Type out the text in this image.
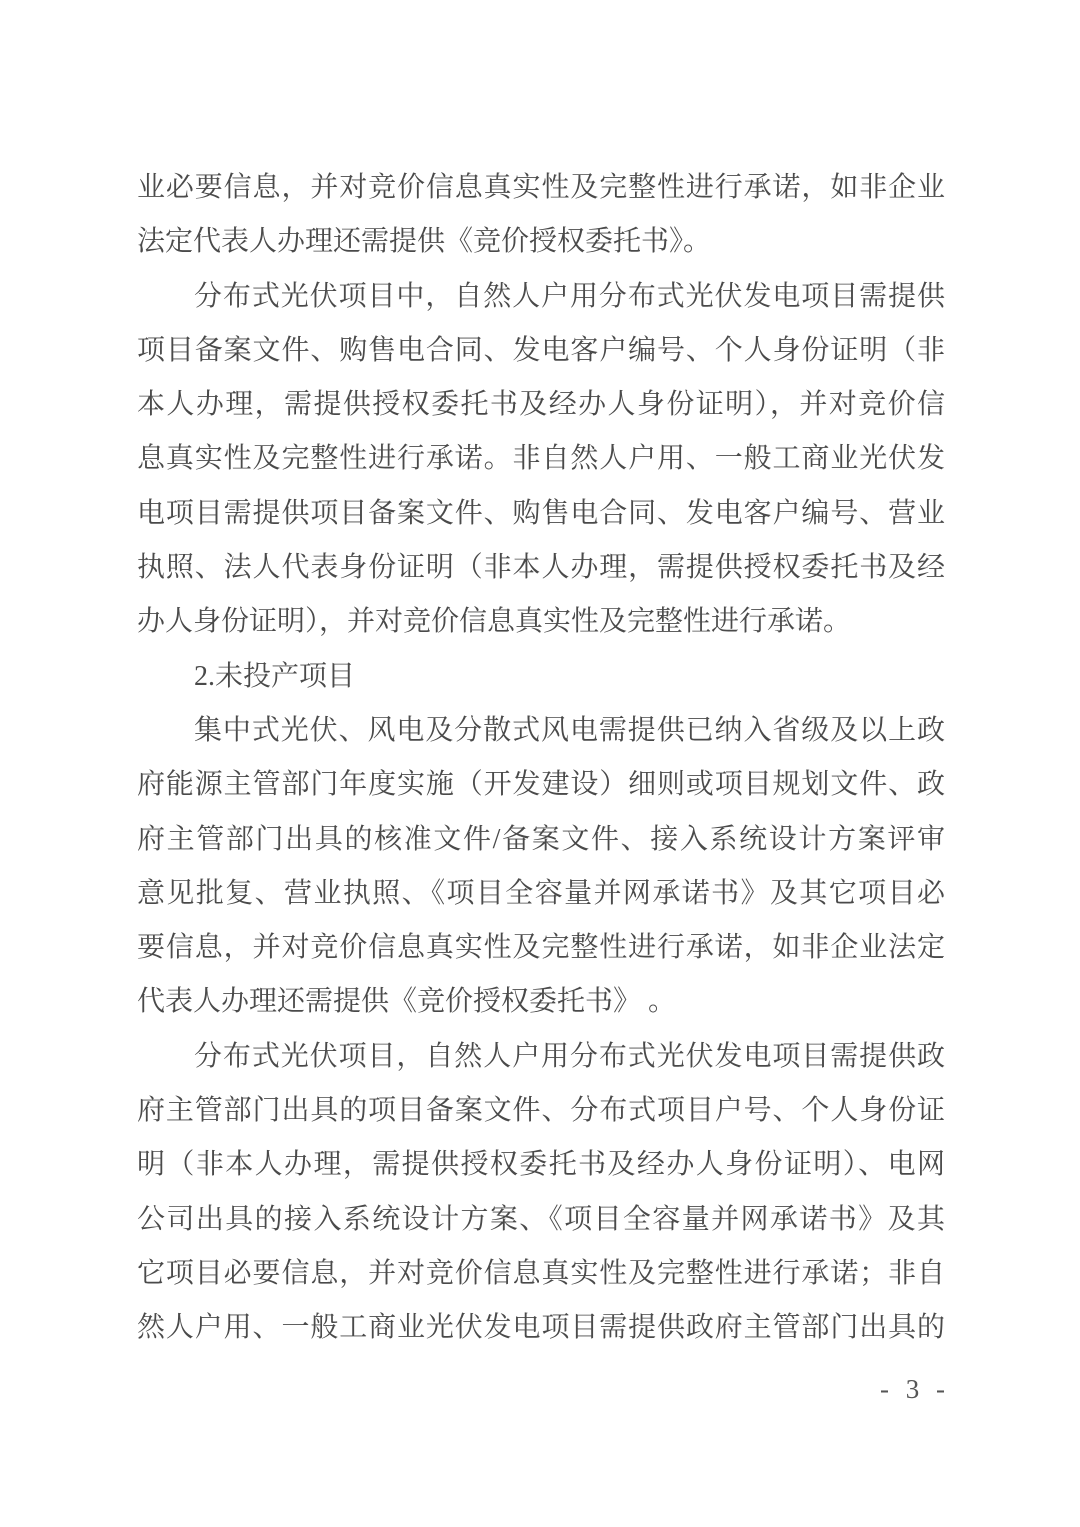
业必要信息，并对竞价信息真实性及完整性进行承诺，如非企业
法定代表人办理还需提供《竞价授权委托书》。
分布式光伏项目中，自然人户用分布式光伏发电项目需提供
项目备案文件、购售电合同、发电客户编号、个人身份证明（非
本人办理，需提供授权委托书及经办人身份证明），并对竞价信
息真实性及完整性进行承诺。非自然人户用、一般工商业光伏发
电项目需提供项目备案文件、购售电合同、发电客户编号、营业
执照、法人代表身份证明（非本人办理，需提供授权委托书及经
办人身份证明），并对竞价信息真实性及完整性进行承诺。
2.未投产项目
集中式光伏、风电及分散式风电需提供已纳入省级及以上政
府能源主管部门年度实施（开发建设）细则或项目规划文件、政
府主管部门出具的核准文件/备案文件、接入系统设计方案评审
意见批复、营业执照、《项目全容量并网承诺书》及其它项目必
要信息，并对竞价信息真实性及完整性进行承诺，如非企业法定
代表人办理还需提供《竞价授权委托书》 。
分布式光伏项目，自然人户用分布式光伏发电项目需提供政
府主管部门出具的项目备案文件、分布式项目户号、个人身份证
明（非本人办理，需提供授权委托书及经办人身份证明）、电网
公司出具的接入系统设计方案、《项目全容量并网承诺书》及其
它项目必要信息，并对竞价信息真实性及完整性进行承诺；非自
然人户用、一般工商业光伏发电项目需提供政府主管部门出具的
- 3 -
